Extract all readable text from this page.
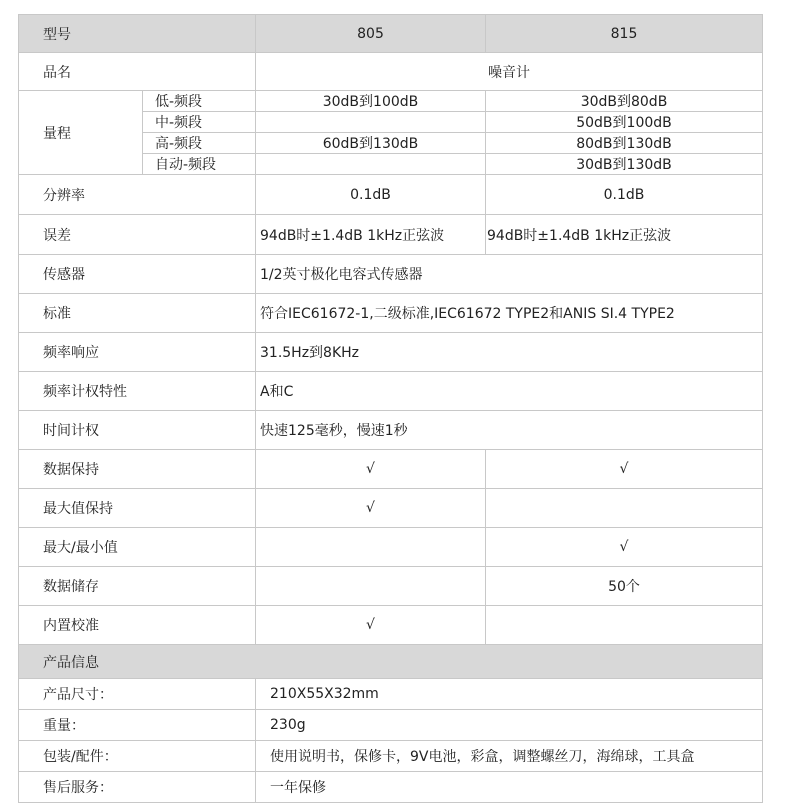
型号		805	815
品名		噪音计	
量程	低-频段	30dB到100dB	30dB到80dB
	中-频段		50dB到100dB
	高-频段	60dB到130dB	80dB到130dB
	自动-频段		30dB到130dB
分辨率		0.1dB	0.1dB
误差		94dB时±1.4dB 1kHz正弦波	94dB时±1.4dB 1kHz正弦波
传感器		1/2英寸极化电容式传感器	
标准		符合IEC61672-1,二级标准,IEC61672 TYPE2和ANIS SI.4 TYPE2	
频率响应		31.5Hz到8KHz	
频率计权特性		A和C	
时间计权		快速125毫秒，慢速1秒	
数据保持		√	√
最大值保持		√	
最大/最小值			√
数据储存			50个
内置校准		√	
产品信息			
产品尺寸：		210X55X32mm	
重量：		230g	
包装/配件：		使用说明书，保修卡，9V电池，彩盒，调整螺丝刀，海绵球，工具盒	
售后服务：		一年保修	
